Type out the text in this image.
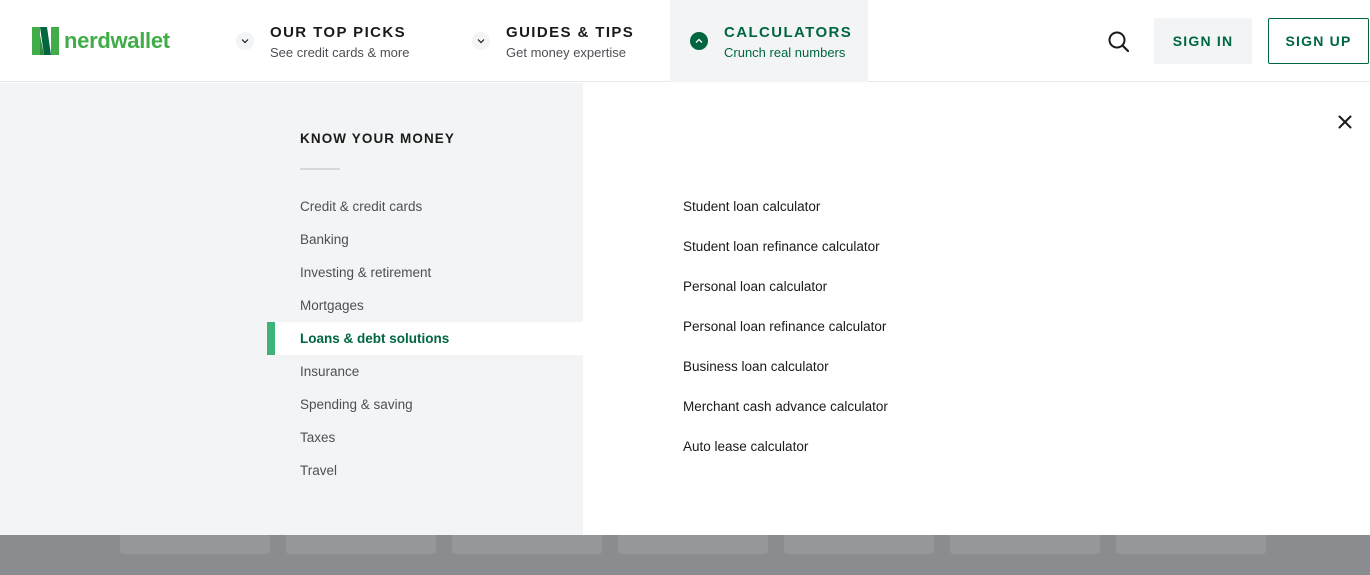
nerdwallet	OUR TOP PICKS
See credit cards & more
GUIDES & TIPS
Get money expertise
CALCULATORS
Crunch real numbers
SIGN IN	SIGN UP
KNOW YOUR MONEY
Credit & credit cards
Banking
Investing & retirement
Mortgages
Loans & debt solutions
Insurance
Spending & saving
Taxes
Travel
Student loan calculator
Student loan refinance calculator
Personal loan calculator
Personal loan refinance calculator
Business loan calculator
Merchant cash advance calculator
Auto lease calculator
